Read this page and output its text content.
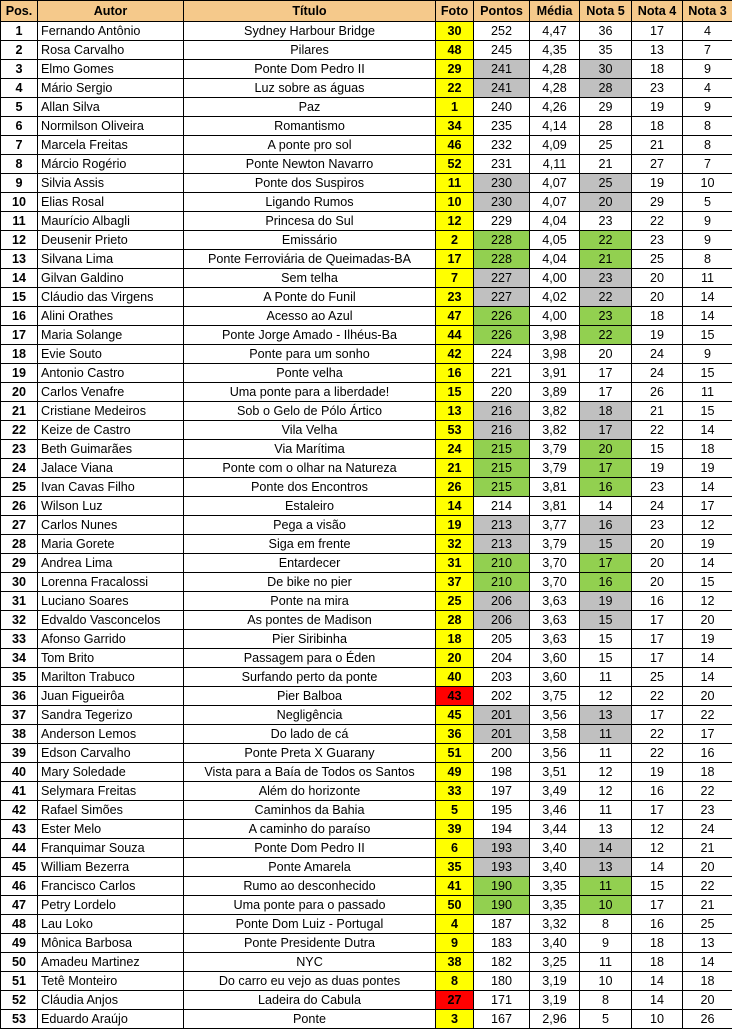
Pos.	Autor	Título	Foto	Pontos	Média	Nota 5	Nota 4	Nota 3
1	Fernando Antônio	Sydney Harbour Bridge	30	252	4,47	36	17	4
2	Rosa Carvalho	Pilares	48	245	4,35	35	13	7
3	Elmo Gomes	Ponte Dom Pedro II	29	241	4,28	30	18	9
4	Mário Sergio	Luz sobre as águas	22	241	4,28	28	23	4
5	Allan Silva	Paz	1	240	4,26	29	19	9
6	Normilson Oliveira	Romantismo	34	235	4,14	28	18	8
7	Marcela Freitas	A ponte pro sol	46	232	4,09	25	21	8
8	Márcio Rogério	Ponte Newton Navarro	52	231	4,11	21	27	7
9	Silvia Assis	Ponte dos Suspiros	11	230	4,07	25	19	10
10	Elias Rosal	Ligando Rumos	10	230	4,07	20	29	5
11	Maurício Albagli	Princesa do Sul	12	229	4,04	23	22	9
12	Deusenir Prieto	Emissário	2	228	4,05	22	23	9
13	Silvana Lima	Ponte Ferroviária de Queimadas-BA	17	228	4,04	21	25	8
14	Gilvan Galdino	Sem telha	7	227	4,00	23	20	11
15	Cláudio das Virgens	A Ponte do Funil	23	227	4,02	22	20	14
16	Alini Orathes	Acesso ao Azul	47	226	4,00	23	18	14
17	Maria Solange	Ponte Jorge Amado - Ilhéus-Ba	44	226	3,98	22	19	15
18	Evie Souto	Ponte para um sonho	42	224	3,98	20	24	9
19	Antonio Castro	Ponte velha	16	221	3,91	17	24	15
20	Carlos Venafre	Uma ponte para a liberdade!	15	220	3,89	17	26	11
21	Cristiane Medeiros	Sob o Gelo de Pólo Ártico	13	216	3,82	18	21	15
22	Keize de Castro	Vila Velha	53	216	3,82	17	22	14
23	Beth Guimarães	Via Marítima	24	215	3,79	20	15	18
24	Jalace Viana	Ponte com o olhar na Natureza	21	215	3,79	17	19	19
25	Ivan Cavas Filho	Ponte dos Encontros	26	215	3,81	16	23	14
26	Wilson Luz	Estaleiro	14	214	3,81	14	24	17
27	Carlos Nunes	Pega a visão	19	213	3,77	16	23	12
28	Maria Gorete	Siga em frente	32	213	3,79	15	20	19
29	Andrea Lima	Entardecer	31	210	3,70	17	20	14
30	Lorenna Fracalossi	De bike no pier	37	210	3,70	16	20	15
31	Luciano Soares	Ponte na mira	25	206	3,63	19	16	12
32	Edvaldo Vasconcelos	As pontes de Madison	28	206	3,63	15	17	20
33	Afonso Garrido	Pier Siribinha	18	205	3,63	15	17	19
34	Tom Brito	Passagem para o Éden	20	204	3,60	15	17	14
35	Marilton Trabuco	Surfando perto da ponte	40	203	3,60	11	25	14
36	Juan Figueirôa	Pier Balboa	43	202	3,75	12	22	20
37	Sandra Tegerizo	Negligência	45	201	3,56	13	17	22
38	Anderson Lemos	Do lado de cá	36	201	3,58	11	22	17
39	Edson Carvalho	Ponte Preta X Guarany	51	200	3,56	11	22	16
40	Mary Soledade	Vista para a Baía de Todos os Santos	49	198	3,51	12	19	18
41	Selymara Freitas	Além do horizonte	33	197	3,49	12	16	22
42	Rafael Simões	Caminhos da Bahia	5	195	3,46	11	17	23
43	Ester Melo	A caminho do paraíso	39	194	3,44	13	12	24
44	Franquimar Souza	Ponte Dom Pedro II	6	193	3,40	14	12	21
45	William Bezerra	Ponte Amarela	35	193	3,40	13	14	20
46	Francisco Carlos	Rumo ao desconhecido	41	190	3,35	11	15	22
47	Petry Lordelo	Uma ponte para o passado	50	190	3,35	10	17	21
48	Lau Loko	Ponte Dom Luiz - Portugal	4	187	3,32	8	16	25
49	Mônica Barbosa	Ponte Presidente Dutra	9	183	3,40	9	18	13
50	Amadeu Martinez	NYC	38	182	3,25	11	18	14
51	Tetê Monteiro	Do carro eu vejo as duas pontes	8	180	3,19	10	14	18
52	Cláudia Anjos	Ladeira do Cabula	27	171	3,19	8	14	20
53	Eduardo Araújo	Ponte	3	167	2,96	5	10	26
